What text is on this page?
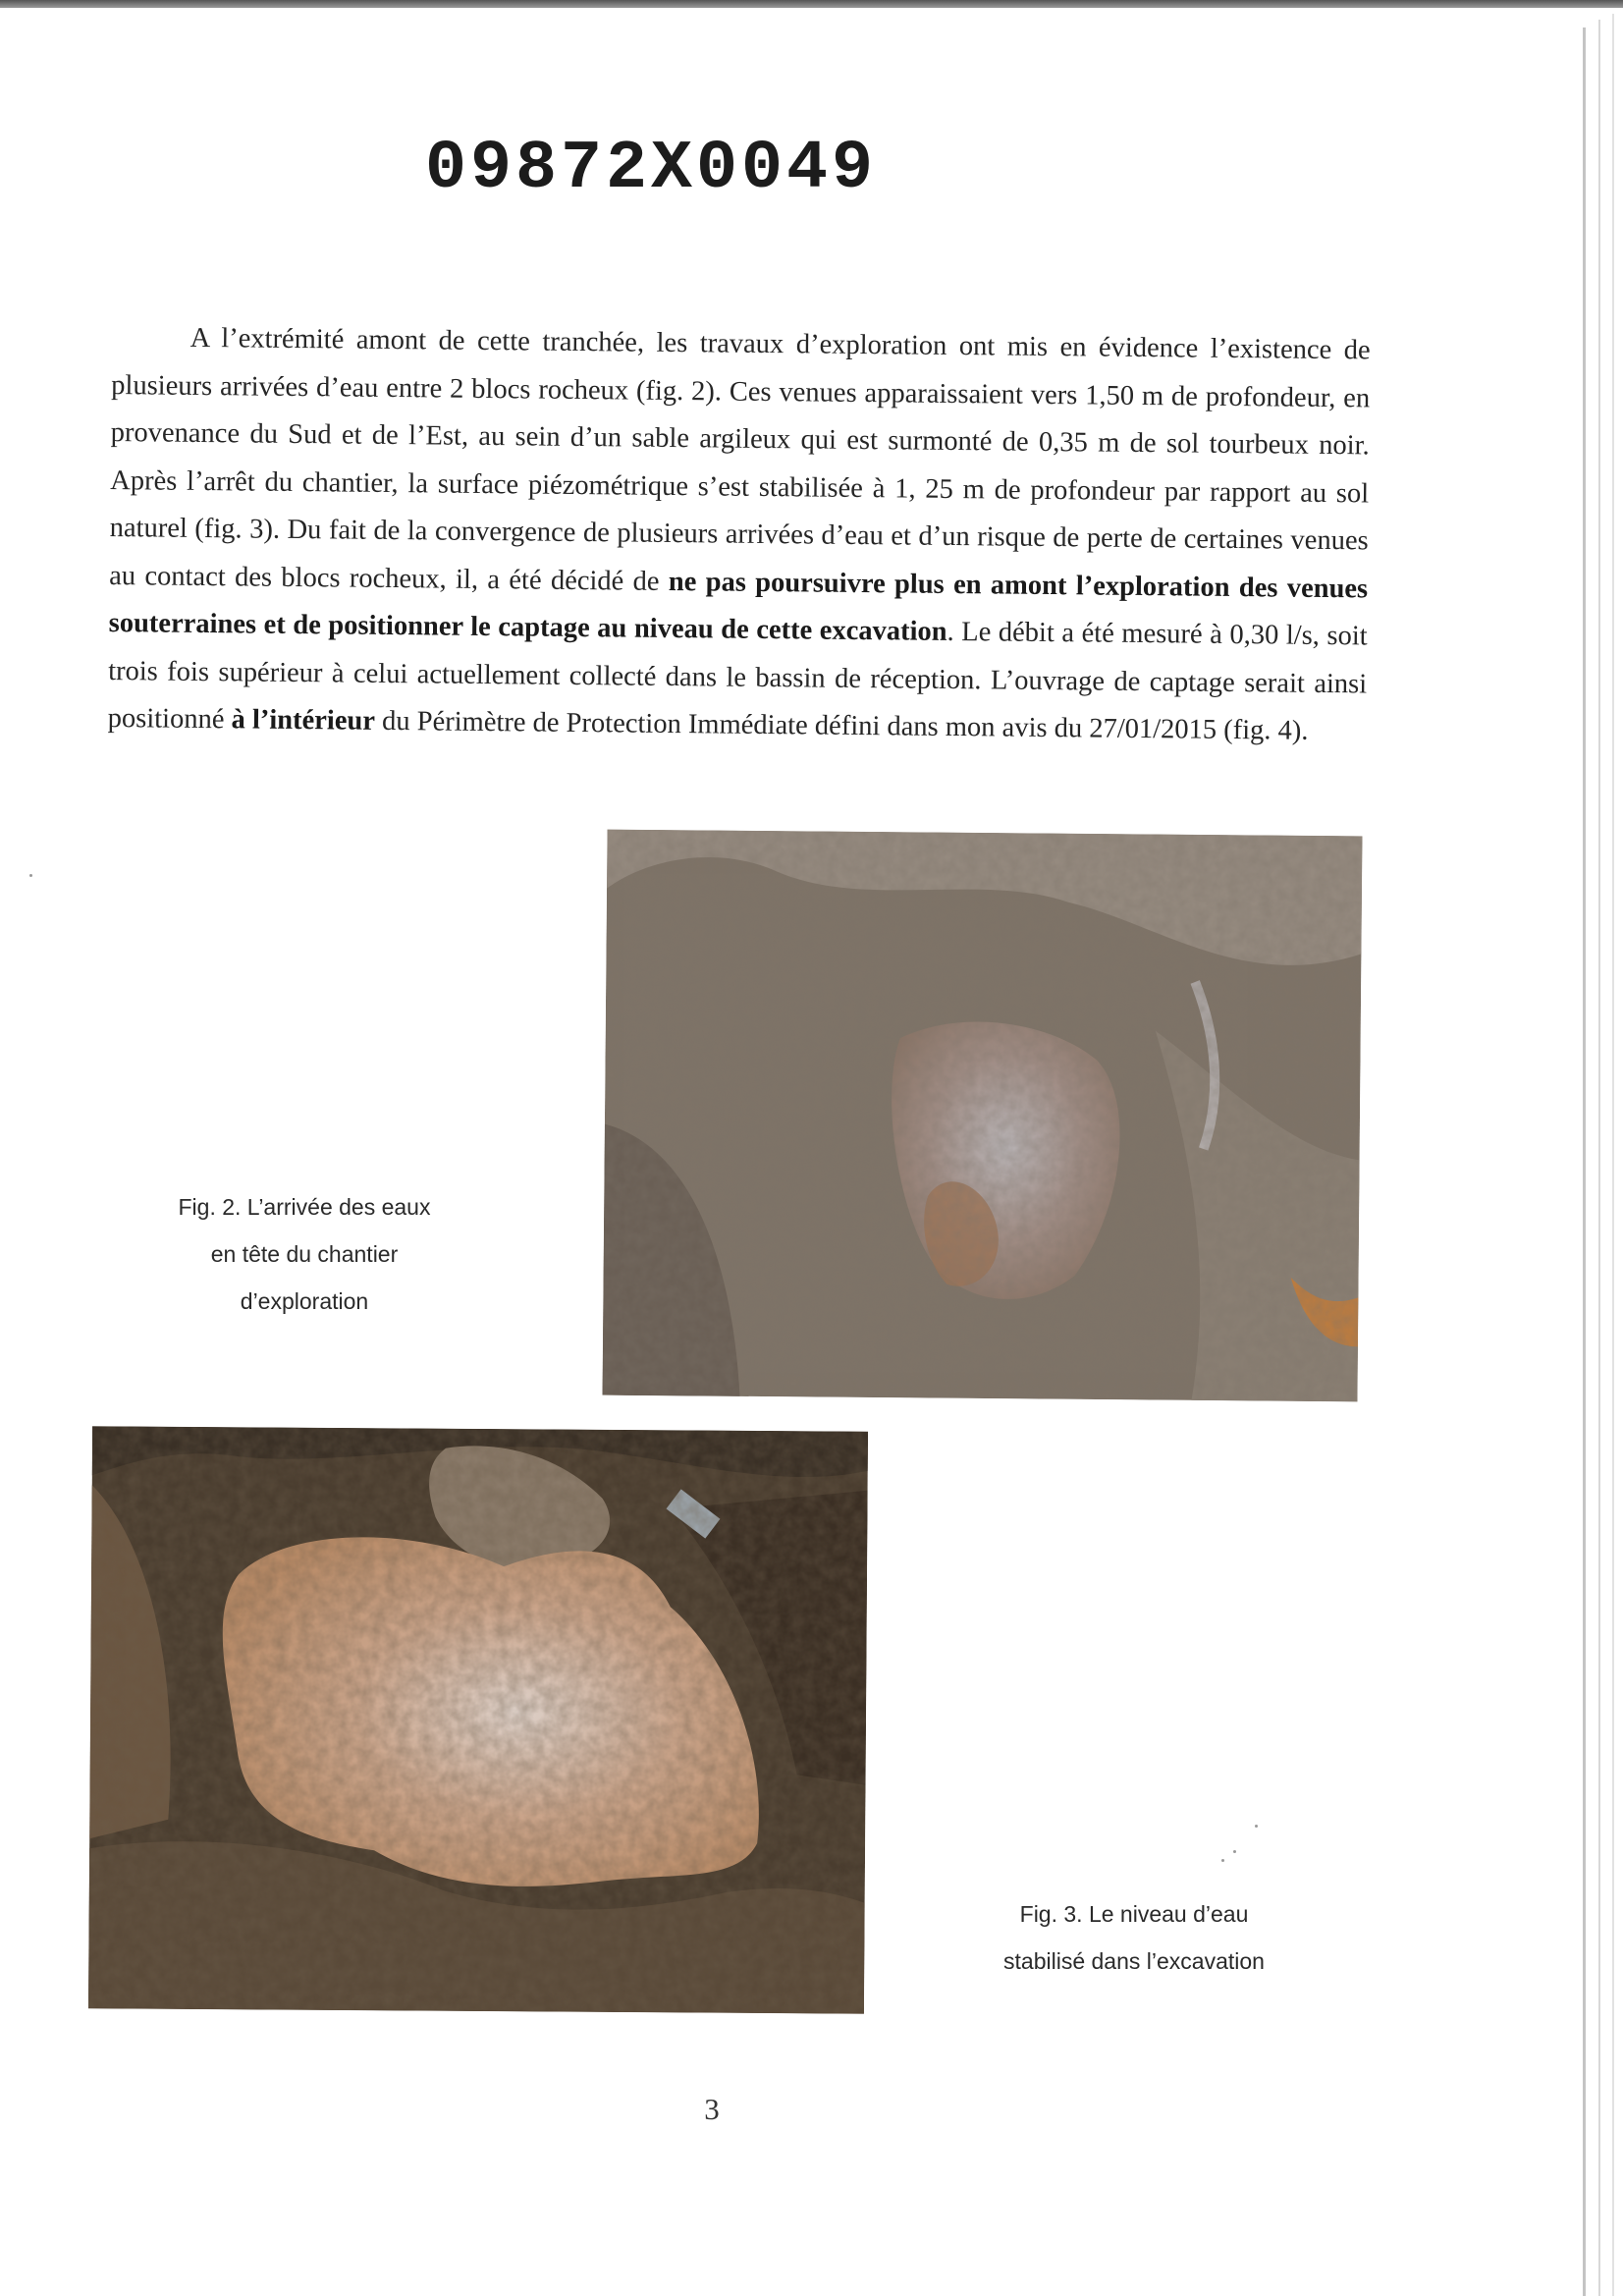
09872X0049

A l’extrémité amont de cette tranchée, les travaux d’exploration ont mis en évidence l’existence de plusieurs arrivées d’eau entre 2 blocs rocheux (fig. 2). Ces venues apparaissaient vers 1,50 m de profondeur, en provenance du Sud et de l’Est, au sein d’un sable argileux qui est surmonté de 0,35 m de sol tourbeux noir. Après l’arrêt du chantier, la surface piézométrique s’est stabilisée à 1, 25 m de profondeur par rapport au sol naturel (fig. 3). Du fait de la convergence de plusieurs arrivées d’eau et d’un risque de perte de certaines venues au contact des blocs rocheux, il, a été décidé de ne pas poursuivre plus en amont l’exploration des venues souterraines et de positionner le captage au niveau de cette excavation. Le débit a été mesuré à 0,30 l/s, soit trois fois supérieur à celui actuellement collecté dans le bassin de réception. L’ouvrage de captage serait ainsi positionné à l’intérieur du Périmètre de Protection Immédiate défini dans mon avis du 27/01/2015 (fig. 4).

Fig. 2. L’arrivée des eaux
en tête du chantier
d’exploration

Fig. 3. Le niveau d’eau
stabilisé dans l’excavation

3
